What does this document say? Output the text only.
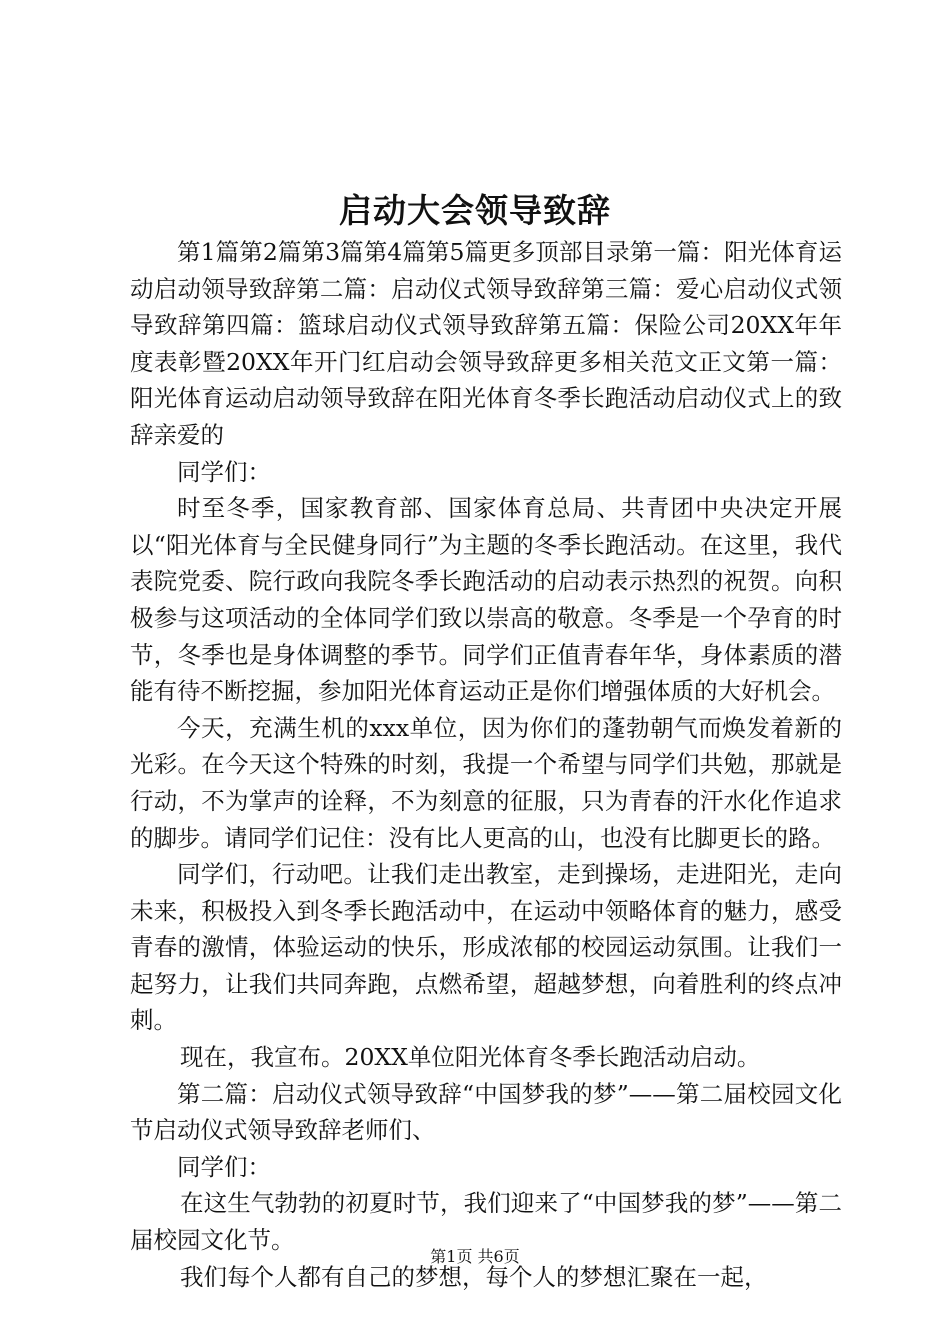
启动大会领导致辞

第1篇第2篇第3篇第4篇第5篇更多顶部目录第一篇：阳光体育运动启动领导致辞第二篇：启动仪式领导致辞第三篇：爱心启动仪式领导致辞第四篇：篮球启动仪式领导致辞第五篇：保险公司20XX年年度表彰暨20XX年开门红启动会领导致辞更多相关范文正文第一篇：阳光体育运动启动领导致辞在阳光体育冬季长跑活动启动仪式上的致辞亲爱的

同学们：

时至冬季，国家教育部、国家体育总局、共青团中央决定开展以“阳光体育与全民健身同行”为主题的冬季长跑活动。在这里，我代表院党委、院行政向我院冬季长跑活动的启动表示热烈的祝贺。向积极参与这项活动的全体同学们致以崇高的敬意。冬季是一个孕育的时节，冬季也是身体调整的季节。同学们正值青春年华，身体素质的潜能有待不断挖掘，参加阳光体育运动正是你们增强体质的大好机会。

今天，充满生机的xxx单位，因为你们的蓬勃朝气而焕发着新的光彩。在今天这个特殊的时刻，我提一个希望与同学们共勉，那就是行动，不为掌声的诠释，不为刻意的征服，只为青春的汗水化作追求的脚步。请同学们记住：没有比人更高的山，也没有比脚更长的路。

同学们，行动吧。让我们走出教室，走到操场，走进阳光，走向未来，积极投入到冬季长跑活动中，在运动中领略体育的魅力，感受青春的激情，体验运动的快乐，形成浓郁的校园运动氛围。让我们一起努力，让我们共同奔跑，点燃希望，超越梦想，向着胜利的终点冲刺。

现在，我宣布。20XX单位阳光体育冬季长跑活动启动。

第二篇：启动仪式领导致辞“中国梦我的梦”——第二届校园文化节启动仪式领导致辞老师们、

同学们：

在这生气勃勃的初夏时节，我们迎来了“中国梦我的梦”——第二届校园文化节。

我们每个人都有自己的梦想，每个人的梦想汇聚在一起，

第1页 共6页
